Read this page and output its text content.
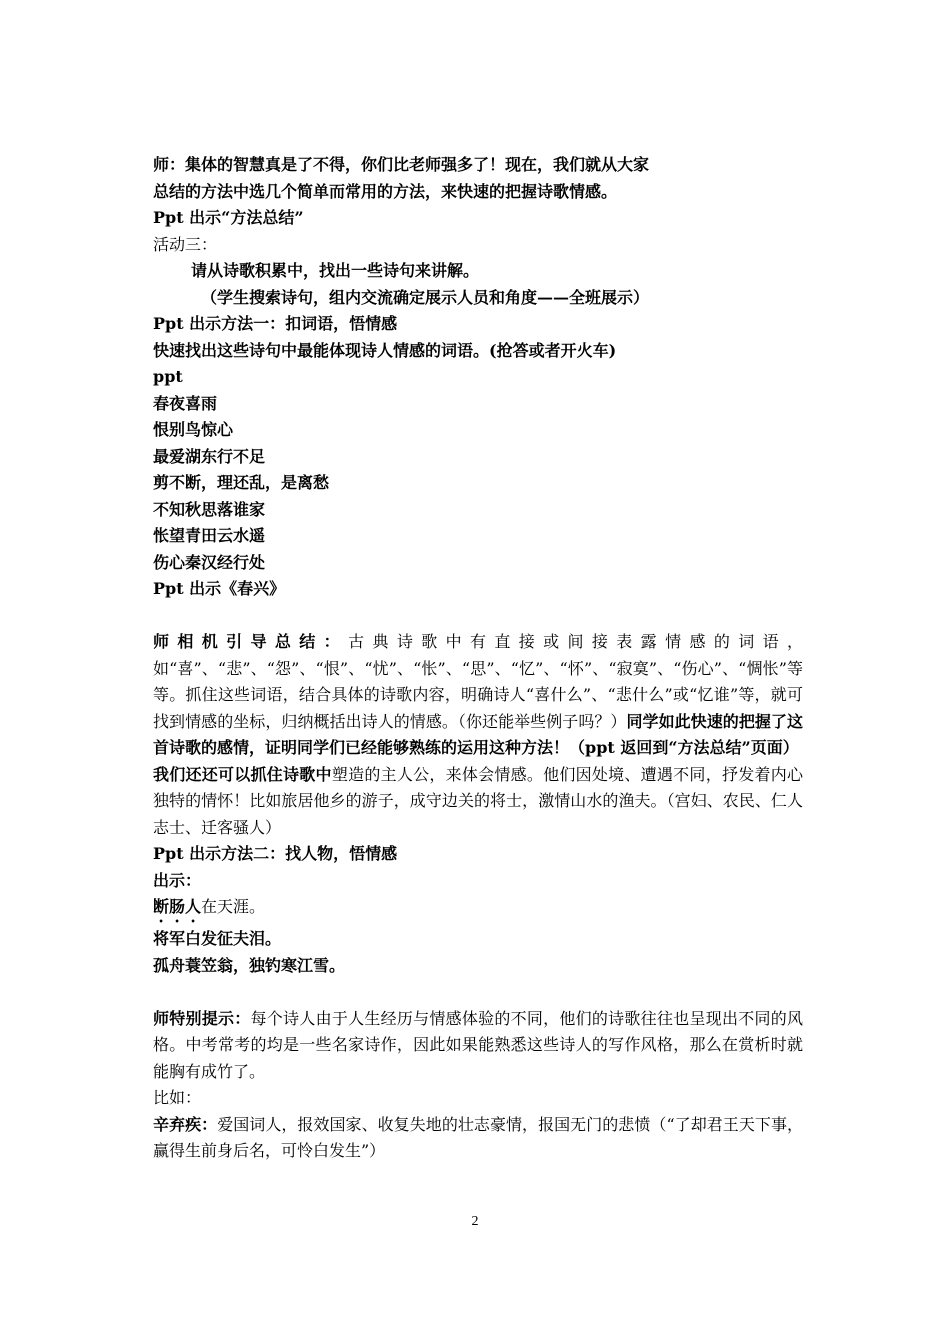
师：集体的智慧真是了不得，你们比老师强多了！现在，我们就从大家
总结的方法中选几个简单而常用的方法，来快速的把握诗歌情感。
Ppt 出示“方法总结”
活动三：
请从诗歌积累中，找出一些诗句来讲解。
（学生搜索诗句，组内交流确定展示人员和角度——全班展示）
Ppt 出示方法一：扣词语，悟情感
快速找出这些诗句中最能体现诗人情感的词语。(抢答或者开火车)
ppt
春夜喜雨
恨别鸟惊心
最爱湖东行不足
剪不断，理还乱，是离愁
不知秋思落谁家
怅望青田云水遥
伤心秦汉经行处
Ppt 出示《春兴》
师相机引导总结：古典诗歌中有直接或间接表露情感的词语，如“喜”、“悲”、“怨”、“恨”、“忧”、“怅”、“思”、“忆”、“怀”、“寂寞”、“伤心”、“惆怅”等等。抓住这些词语，结合具体的诗歌内容，明确诗人“喜什么”、“悲什么”或“忆谁”等，就可找到情感的坐标，归纳概括出诗人的情感。（你还能举些例子吗？）同学如此快速的把握了这首诗歌的感情，证明同学们已经能够熟练的运用这种方法！（ppt 返回到“方法总结”页面）
我们还还可以抓住诗歌中塑造的主人公，来体会情感。他们因处境、遭遇不同，抒发着内心独特的情怀！比如旅居他乡的游子，成守边关的将士，激情山水的渔夫。（宫妇、农民、仁人志士、迁客骚人）
Ppt 出示方法二：找人物，悟情感
出示：
断肠人在天涯。
将军白发征夫泪。
孤舟蓑笠翁，独钓寒江雪。
师特别提示：每个诗人由于人生经历与情感体验的不同，他们的诗歌往往也呈现出不同的风格。中考常考的均是一些名家诗作，因此如果能熟悉这些诗人的写作风格，那么在赏析时就能胸有成竹了。
比如：
辛弃疾：爱国词人，报效国家、收复失地的壮志豪情，报国无门的悲愤（“了却君王天下事，赢得生前身后名，可怜白发生”）
2
